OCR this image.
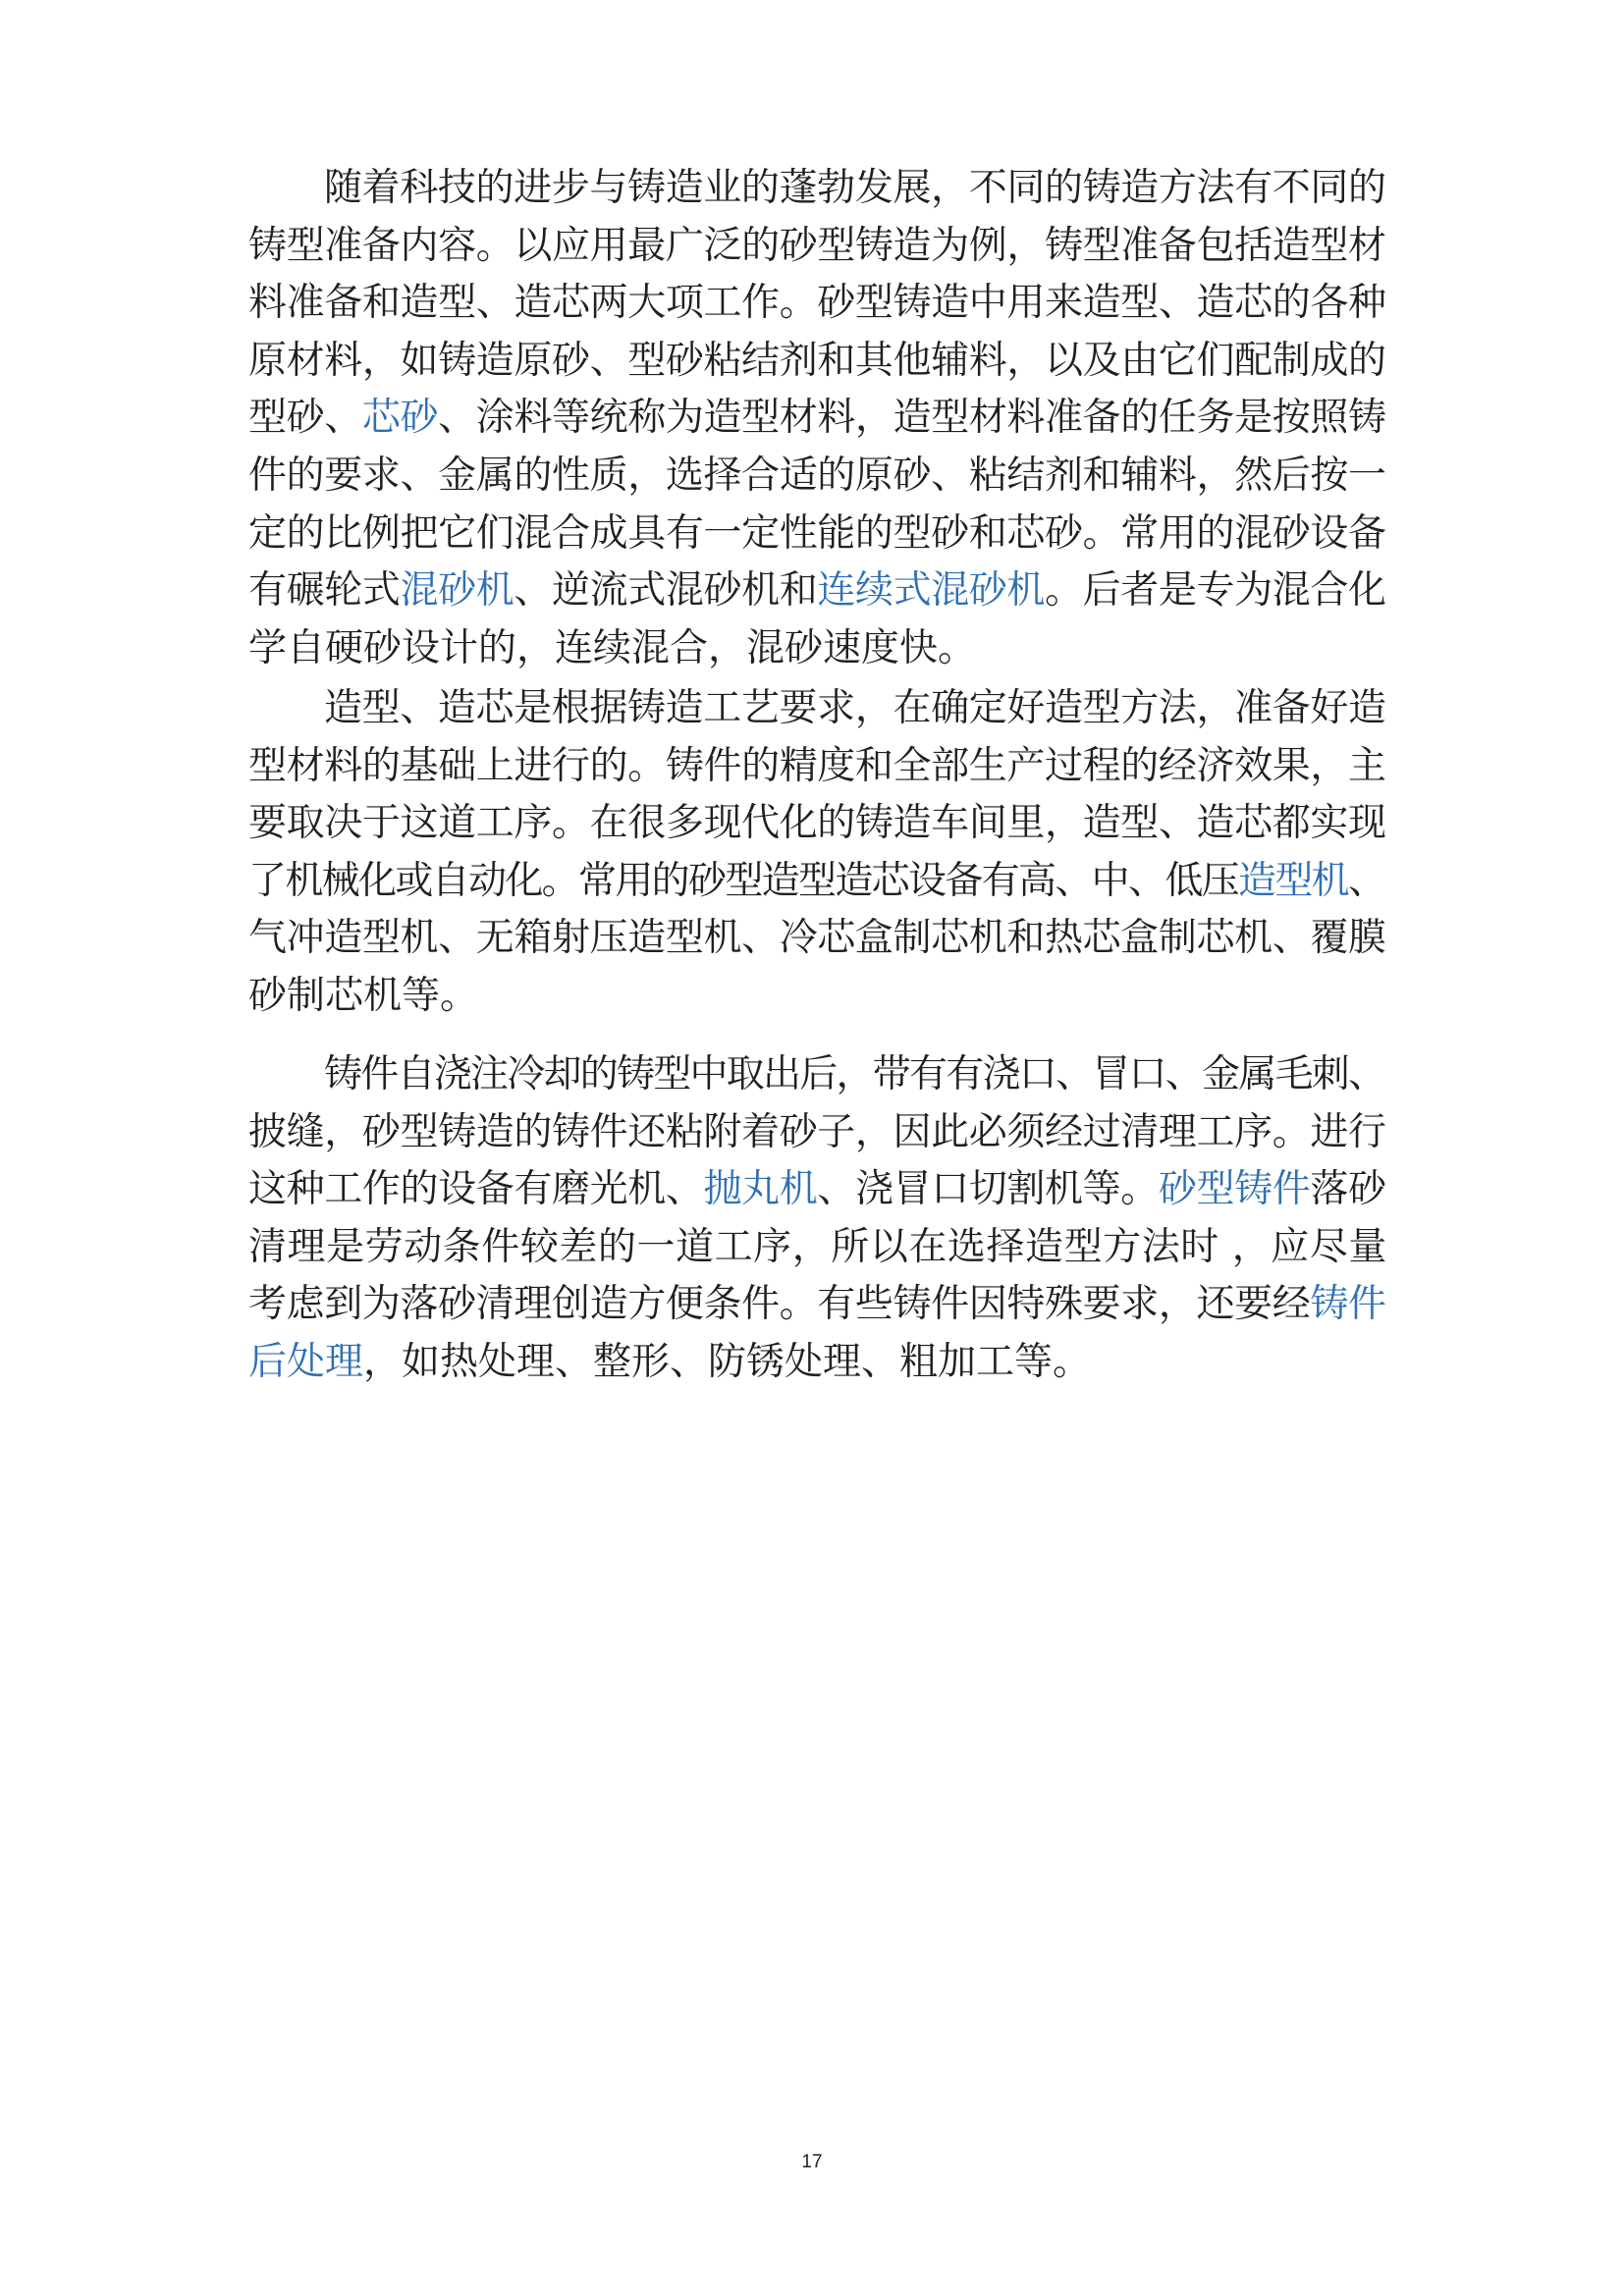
随着科技的进步与铸造业的蓬勃发展，不同的铸造方法有不同的
铸型准备内容。以应用最广泛的砂型铸造为例，铸型准备包括造型材
料准备和造型、造芯两大项工作。砂型铸造中用来造型、造芯的各种
原材料，如铸造原砂、型砂粘结剂和其他辅料，以及由它们配制成的
型砂、芯砂、涂料等统称为造型材料，造型材料准备的任务是按照铸
件的要求、金属的性质，选择合适的原砂、粘结剂和辅料，然后按一
定的比例把它们混合成具有一定性能的型砂和芯砂。常用的混砂设备
有碾轮式混砂机、逆流式混砂机和连续式混砂机。后者是专为混合化
学自硬砂设计的，连续混合，混砂速度快。
造型、造芯是根据铸造工艺要求，在确定好造型方法，准备好造
型材料的基础上进行的。铸件的精度和全部生产过程的经济效果，主
要取决于这道工序。在很多现代化的铸造车间里，造型、造芯都实现
了机械化或自动化。常用的砂型造型造芯设备有高、中、低压造型机、
气冲造型机、无箱射压造型机、冷芯盒制芯机和热芯盒制芯机、覆膜
砂制芯机等。
铸件自浇注冷却的铸型中取出后，带有有浇口、冒口、金属毛刺、
披缝，砂型铸造的铸件还粘附着砂子，因此必须经过清理工序。进行
这种工作的设备有磨光机、抛丸机、浇冒口切割机等。砂型铸件落砂
清理是劳动条件较差的一道工序，所以在选择造型方法时 ，应尽量
考虑到为落砂清理创造方便条件。有些铸件因特殊要求，还要经铸件
后处理，如热处理、整形、防锈处理、粗加工等。
17
